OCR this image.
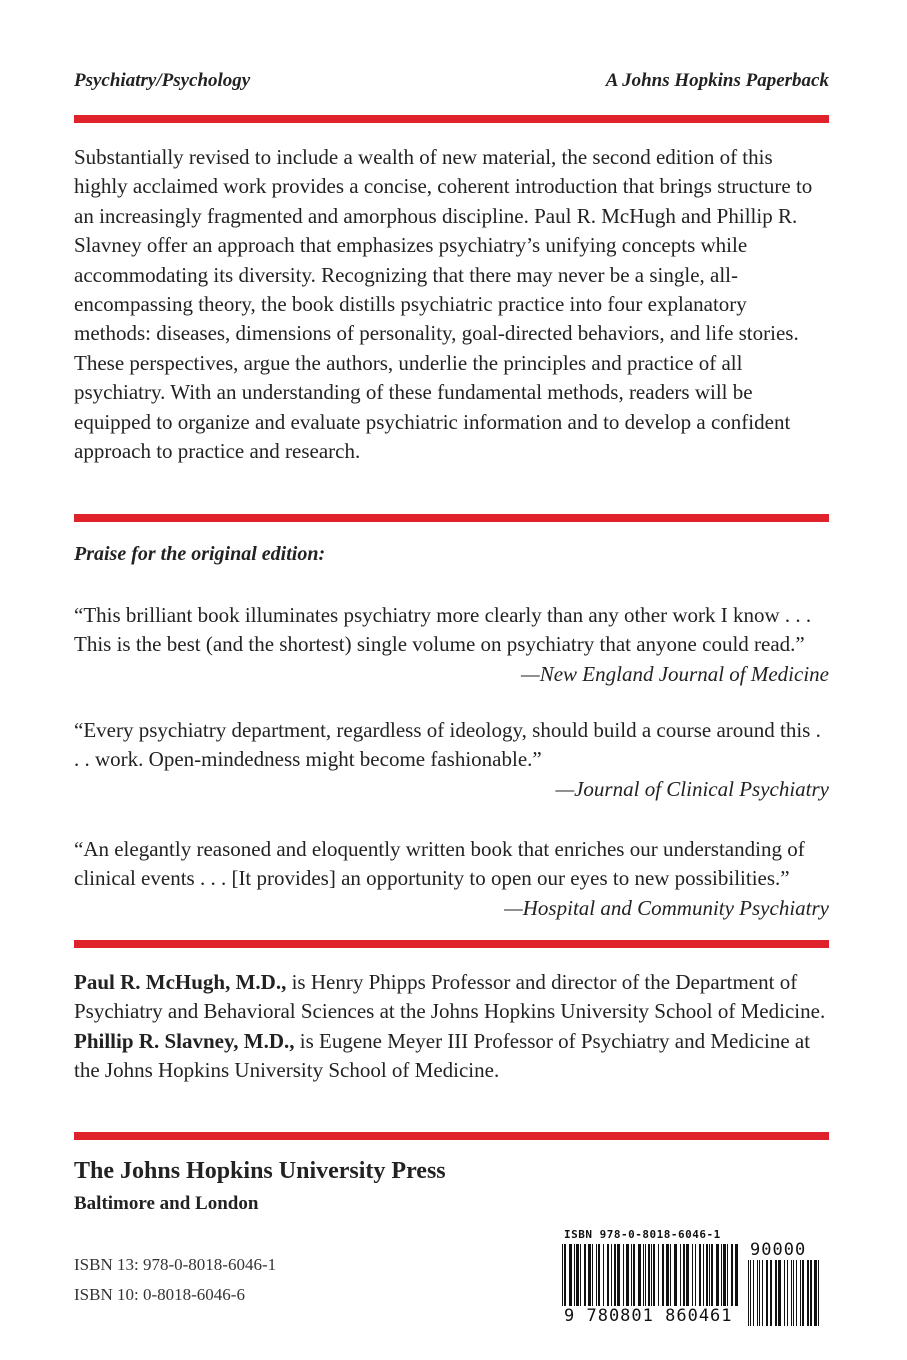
Psychiatry/Psychology	A Johns Hopkins Paperback

Substantially revised to include a wealth of new material, the second edition of this highly acclaimed work provides a concise, coherent introduction that brings structure to an increasingly fragmented and amorphous discipline. Paul R. McHugh and Phillip R. Slavney offer an approach that emphasizes psychiatry’s unifying concepts while accommodating its diversity. Recognizing that there may never be a single, all-encompassing theory, the book distills psychiatric practice into four explanatory methods: diseases, dimensions of personality, goal-directed behaviors, and life stories. These perspectives, argue the authors, underlie the principles and practice of all psychiatry. With an understanding of these fundamental methods, readers will be equipped to organize and evaluate psychiatric information and to develop a confident approach to practice and research.

Praise for the original edition:
“This brilliant book illuminates psychiatry more clearly than any other work I know . . . This is the best (and the shortest) single volume on psychiatry that anyone could read.”
—New England Journal of Medicine
“Every psychiatry department, regardless of ideology, should build a course around this . . . work. Open-mindedness might become fashionable.”
—Journal of Clinical Psychiatry
“An elegantly reasoned and eloquently written book that enriches our understanding of clinical events . . . [It provides] an opportunity to open our eyes to new possibilities.”
—Hospital and Community Psychiatry

Paul R. McHugh, M.D., is Henry Phipps Professor and director of the Department of Psychiatry and Behavioral Sciences at the Johns Hopkins University School of Medicine. Phillip R. Slavney, M.D., is Eugene Meyer III Professor of Psychiatry and Medicine at the Johns Hopkins University School of Medicine.

The Johns Hopkins University Press
Baltimore and London
ISBN 13: 978-0-8018-6046-1
ISBN 10: 0-8018-6046-6
ISBN 978-0-8018-6046-1
9 780801 860461
90000
